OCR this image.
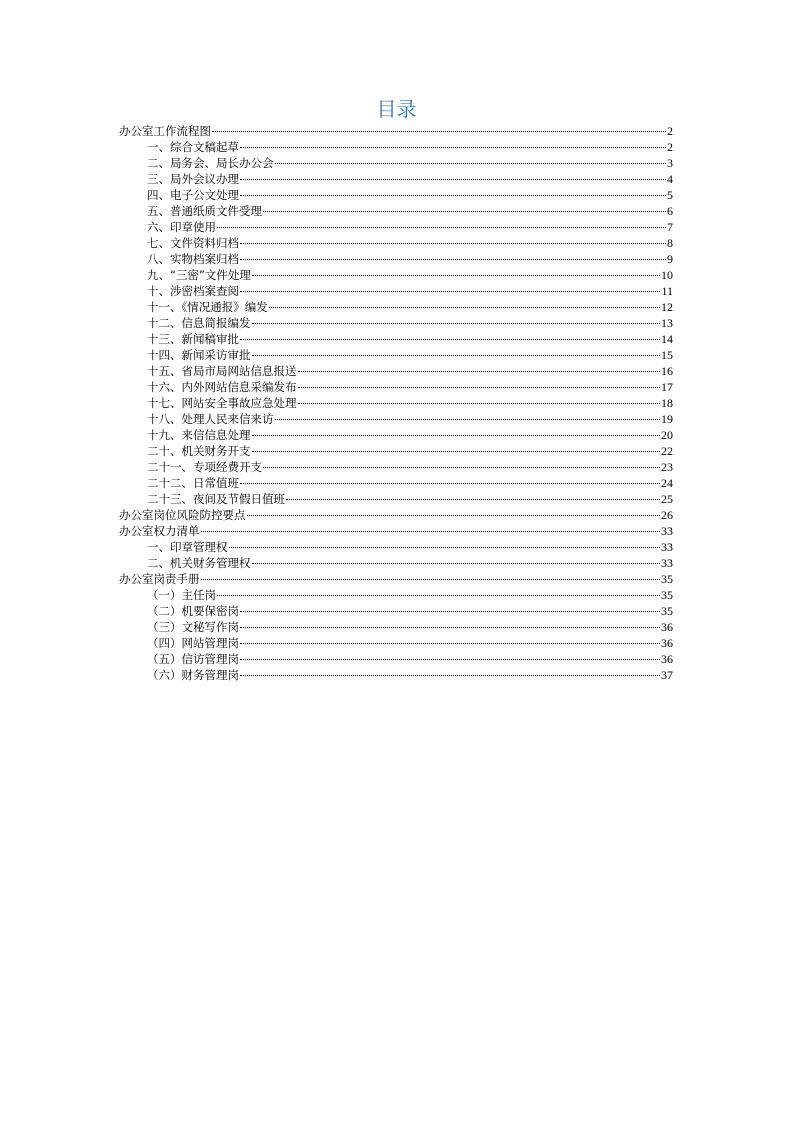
目录
办公室工作流程图	2
一、综合文稿起草	2
二、局务会、局长办公会	3
三、局外会议办理	4
四、电子公文处理	5
五、普通纸质文件受理	6
六、印章使用	7
七、文件资料归档	8
八、实物档案归档	9
九、“三密”文件处理	10
十、涉密档案查阅	11
十一、《情况通报》编发	12
十二、信息简报编发	13
十三、新闻稿审批	14
十四、新闻采访审批	15
十五、省局市局网站信息报送	16
十六、内外网站信息采编发布	17
十七、网站安全事故应急处理	18
十八、处理人民来信来访	19
十九、来信信息处理	20
二十、机关财务开支	22
二十一、专项经费开支	23
二十二、日常值班	24
二十三、夜间及节假日值班	25
办公室岗位风险防控要点	26
办公室权力清单	33
一、印章管理权	33
二、机关财务管理权	33
办公室岗责手册	35
（一）主任岗	35
（二）机要保密岗	35
（三）文秘写作岗	36
（四）网站管理岗	36
（五）信访管理岗	36
（六）财务管理岗	37
